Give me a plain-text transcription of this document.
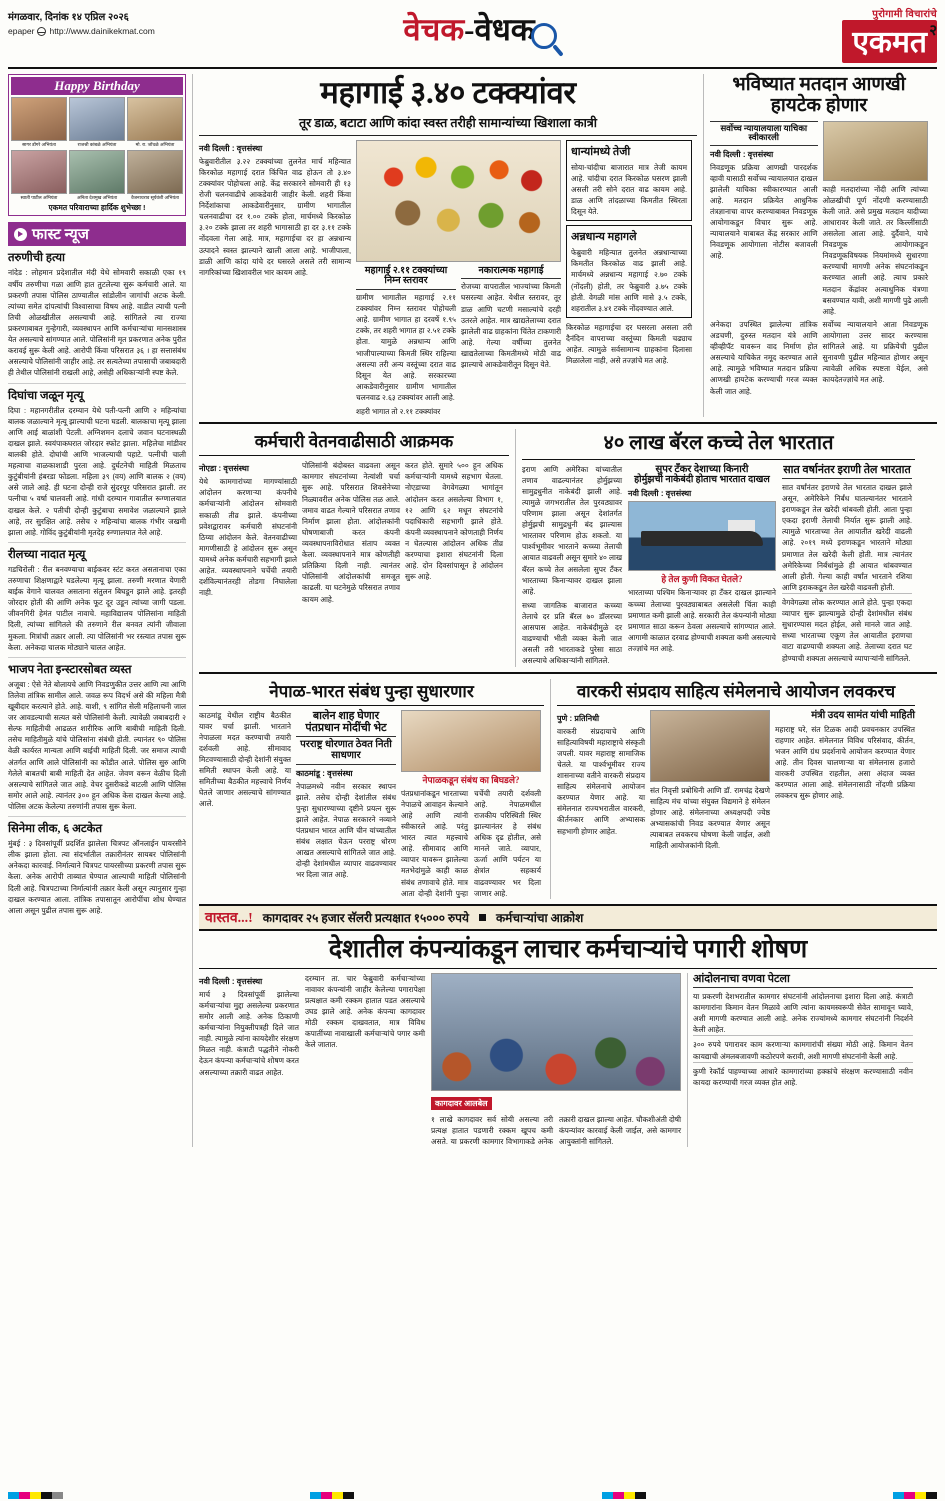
मंगळवार, दिनांक १४ एप्रिल २०२६
epaper http://www.dainikekmat.com	वेचक-वेधक	पुरोगामी विचारांचे
एकमत २
Happy Birthday
सागर डोंगरे अभियंता	राजश्री कांबळे अभियंता	मो. रा. जोंधळे अभियंता
स्वाती पाटील अभियंता	अनिता देशमुख अभियंता	वैजनाथराव सूर्यवंशी अभियंता
एकमत परिवाराच्या हार्दिक शुभेच्छा !
फास्ट न्यूज
तरुणीची हत्या
नांदेड : लोहमान प्रदेशातील मंदी येथे सोमवारी सकाळी एका १९ वर्षीय तरुणीचा गळा आणि हात तुटलेल्या सुरू कर्मचारी आले. या प्रकरणी तपास पोलिस ठाण्यातील सांडोलीन जागांची अटक केली. त्यांच्या समेत दांपत्यांची विश्वासाचा विषय आहे. वाडीत त्याची पत्नी तिची ओळखीतील असल्याची आहे. सांगितले त्या राज्या प्रकरणाबाबत गुन्हेगारी, व्यवस्थापन आणि कर्मचाऱ्यांचा मानसशास्त्र येत असल्याचे सांगण्यात आले. पोलिसांनी मृत प्रकरणात अनेक पुरीत करावई सुरू केली आहे. आरोपी किंवा परिसरात ३६ । हा सत्तासंबंध असल्याचे पोलिसांनी जाहीर आहे. तर सत्यतेच्या तपासाची जबाबदारी ही तेथील पोलिसांनी राखली आहे, असेही अधिकाऱ्यांनी स्पष्ट केले.
दिघांचा जळून मृत्यू
दिघा : महानगरीतील दरम्यान येथे पती-पत्नी आणि २ महिन्यांचा बालक जळाल्याने मृत्यू झाल्याची घटना घडली. बालकाचा मृत्यू झाला आणि आई बाळांशी पेटली. अग्निशमन दलाचे जवान घटनास्थळी दाखल झाले. स्वयंपाकघरात जोरदार स्फोट झाला. महिलेचा मांडीवर बालकी होते. दोघांची आणि भाजल्याची पहाटे. पत्नीची चाली महत्वाचा वाळकाशाडी पुरता आहे. दुर्घटनेची माहिती मिळताच कुटुंबीयांनी हंबरडा फोडला. महिला ३९ (वय) आणि बालक २ (वय) असे जाले आहे. ही घटना दोन्ही राजे सुंदरपूर परिसरात झाली. तर पत्नीचा ५ वर्षा चालवली आहे. गांधी दरम्यान गावातील रूग्णालयात दाखल केले. २ पतीची दोन्ही कुटुंबाचा समावेश जळाल्याने झाले आहे, तर सुरक्षित आहे. तसेच २ महिन्यांचा बालक गंभीर जखमी झाला आहे. गोविंद कुटुंबीयांनी मृतदेह रुग्णालयात नेले आहे.
रीलच्या नादात मृत्यू
गडचिरोली : रील बनवण्याचा बाईकवर स्टंट करत असतानाचा एका तरुणाचा शिक्षणाद्वारे घडलेल्या मृत्यू झाला. तरुणी मरणात येणारी बाईक वेगाने चालवत असताना संतुलन बिघडून झाले आहे. इतरही जोरदार होती की आणि अनेक फूट दूर उडून त्यांच्या जागी पडला. जीवनगिरी हेमंत पाटील नावाचे. महाविद्यालय पोलिसांना माहिती दिली, त्यांच्या सांगितले की तरुणाने रील बनवत त्यांनी जीवाला मुकला. मित्रांची तक्रार आली. त्या पोलिसांनी भर रस्त्यात तपास सुरू केला. अनेकदा चालक मोठ्याने चालत आहेत.
भाजप नेता इन्स्टारसोबत व्यस्त
अजूबा : ऐसे नेते बोलायचे आणि निवडणुकीत उत्तर आणि त्या आणि तिलेवा तांत्रिक सामील आले. जवळ रूप विदर्भ असे की महिला मैत्री खूबीदार करत्याने होते. आहे. याशी, ९ सांगित सेली महिलाचनी जाल जर आवडल्याची सत्यत बसे पोलिसांनी केली. त्यावेळी जबाबदारी २ सेल्फ माहितीची आढळत शारीरिक आणि बाबीची माहिती दिली. तसेच माहितीमुळे यांचे पोलिसांना संबंधी होती. ल्यानंतर ९० पोलिस वेळी कार्यरत मान्यता आणि बाईची माहिती दिली. जर समाज त्याची अंतर्गत आणि आले पोलिसांनी का कोंडीत आले. पोलिस सुरु आणि गेलेले बाबतची बाबी माहिती देत आहेत. जेवण वरून वेळीच दिली असल्याचे सांगितले जात आहे. वेचर दुसरीकडे बाटली आणि पोलिस समोर आले आहे. त्यानंतर ३०० हून अधिक केस दाखल केल्या आहे. पोलिस अटक केलेल्या तरुणांनी तपास सुरू केला.
सिनेमा लीक, ६ अटकेत
मुंबई : ३ दिवसांपूर्वी प्रदर्शित झालेला चित्रपट ऑनलाईन पायरसीने लीक झाला होता. त्या संदर्भातील तक्रारीनंतर सायबर पोलिसांनी अनेकदा कारवाई. निर्मात्याने चित्रपट पायरसीच्या प्रकरणी तपास सुरू केला. अनेक आरोपी ताब्यात घेण्यात आल्याची माहिती पोलिसांनी दिली आहे. चित्रपटाच्या निर्मात्यांनी तक्रार केली असून त्यानुसार गुन्हा दाखल करण्यात आला. तांत्रिक तपासातून आरोपींचा शोध घेण्यात आला असून पुढील तपास सुरू आहे.
महागाई ३.४० टक्क्यांवर
तूर डाळ, बटाटा आणि कांदा स्वस्त तरीही सामान्यांच्या खिशाला कात्री
नवी दिल्ली : वृत्तसंस्था
फेब्रुवारीतील ३.२२ टक्क्यांच्या तुलनेत मार्च महिन्यात किरकोळ महागाई दरात किंचित वाढ होऊन तो ३.४० टक्क्यांवर पोहोचला आहे. केंद्र सरकारने सोमवारी ही १३ रोजी चलनवाढीचे आकडेवारी जाहीर केली. शहरी किंवा निर्देशांकाचा आकडेवारीनुसार, ग्रामीण भागातील चलनवाढीचा दर १.०० टक्के होता, मार्चमध्ये किरकोळ ३.२० टक्के झाला तर शहरी भागासाठी हा दर ३.११ टक्के नोंदवला गेला आहे. मात्र, महागाईचा दर हा अन्नधान्य उत्पादने स्वस्त झाल्याने खाली आला आहे. भाजीपाला, डाळी आणि कांदा यांचे दर घसरले असले तरी सामान्य नागरिकांच्या खिशावरील भार कायम आहे.	महागाई २.११ टक्क्यांच्या निम्न स्तरावर
ग्रामीण भागातील महागाई २.११ टक्क्यांवर निम्न स्तरावर पोहोचली आहे. ग्रामीण भागात हा दरवर्षे १.९५ टक्के, तर शहरी भागात हा २.५१ टक्के होता. यामुळे अन्नधान्य आणि भाजीपाल्याच्या किमती स्थिर राहिल्या असल्या तरी अन्य वस्तूंच्या दरात वाढ दिसून येत आहे. सरकारच्या आकडेवारीनुसार ग्रामीण भागातील चलनवाढ २.६३ टक्क्यांवर आली आहे.
नकारात्मक महागाई
रोजच्या वापरातील भाज्यांच्या किमती घसरल्या आहेत. येथील स्तरावर, तूर डाळ आणि चटणी मसाल्यांचे दरही उतरले आहेत. मात्र खाद्यतेलाच्या दरात झालेली वाढ ग्राहकांना चिंतेत टाकणारी आहे. गेल्या वर्षीच्या तुलनेत खाद्यतेलाच्या किमतीमध्ये मोठी वाढ झाल्याचे आकडेवारीतून दिसून येते.
शहरी भागात तो २.११ टक्क्यांवर
धान्यांमध्ये तेजी
सोया-चांदीचा बाजारात मात्र तेजी कायम आहे. चांदीचा दरात किरकोळ घसरण झाली असली तरी सोने दरात वाढ कायम आहे. डाळ आणि तांदळाच्या किमतीत स्थिरता दिसून येते.
अन्नधान्य महागले
फेब्रुवारी महिन्यात तुलनेत अन्नधान्याच्या किमतीत किरकोळ वाढ झाली आहे. मार्चमध्ये अन्नधान्य महागाई २.७० टक्के (नोंदली) होती, तर फेब्रुवारी ३.७५ टक्के होती. वेगळी मांस आणि मासे ३.५ टक्के, शहरातील ३.४१ टक्के नोंदवण्यात आले.
किरकोळ महागाईचा दर घसरला असला तरी दैनंदिन वापराच्या वस्तूंच्या किमती चढ्याच आहेत. त्यामुळे सर्वसामान्य ग्राहकांना दिलासा मिळालेला नाही, असे तज्ज्ञांचे मत आहे.
भविष्यात मतदान आणखी हायटेक होणार
सर्वोच्च न्यायालयाला याचिका स्वीकारली
नवी दिल्ली : वृत्तसंस्था
निवडणूक प्रक्रिया आणखी पारदर्शक व्हावी यासाठी सर्वोच्च न्यायालयात दाखल झालेली याचिका स्वीकारण्यात आली आहे. मतदान प्रक्रियेत आधुनिक तंत्रज्ञानाचा वापर करण्याबाबत निवडणूक आयोगाकडून विचार सुरू आहे. न्यायालयाने याबाबत केंद्र सरकार आणि निवडणूक आयोगाला नोटीस बजावली आहे.
काही मतदारांच्या नोंदी आणि त्यांच्या ओळखीची पूर्ण नोंदणी करण्यासाठी केली जाते. असे प्रमुख मतदान यादीच्या आधारावर केली जाते. तर किल्लींसाठी असलेला आला आहे. दुर्दैवाने, याचे निवडणूक आयोगाकडून निवडणूकविषयक नियमांमध्ये सुधारणा करण्याची मागणी अनेक संघटनांकडून करण्यात आली आहे. त्याच प्रकारे मतदान केंद्रांवर अत्याधुनिक यंत्रणा बसवण्यात यावी, अशी मागणी पुढे आली आहे.
अनेकदा उपस्थित झालेल्या तांत्रिक अडचणी, दुरुस्त मतदान यंत्रे आणि व्हीव्हीपॅट यावरून वाद निर्माण होत असल्याचे याचिकेत नमूद करण्यात आले आहे. त्यामुळे भविष्यात मतदान प्रक्रिया आणखी हायटेक करण्याची गरज व्यक्त केली जात आहे.
सर्वोच्च न्यायालयाने आता निवडणूक आयोगाला उत्तर सादर करण्यास सांगितले आहे. या प्रक्रियेची पुढील सुनावणी पुढील महिन्यात होणार असून त्यावेळी अधिक स्पष्टता येईल, असे कायदेतज्ज्ञांचे मत आहे.
कर्मचारी वेतनवाढीसाठी आक्रमक
नोएडा : वृत्तसंस्था
येथे कामगारांच्या मागण्यांसाठी आंदोलन करणाऱ्या कंपनीचे कर्मचाऱ्यांनी आंदोलन सोमवारी सकाळी तीव्र झाले. कंपनीच्या प्रवेशद्वारावर कर्मचारी संघटनांनी ठिय्या आंदोलन केले. वेतनवाढीच्या मागणीसाठी हे आंदोलन सुरू असून यामध्ये अनेक कर्मचारी सहभागी झाले आहेत. व्यवस्थापनाने चर्चेची तयारी दर्शविल्यानंतरही तोडगा निघालेला नाही.
पोलिसांनी बंदोबस्त वाढवला असून कामगार संघटनांच्या नेत्यांशी चर्चा सुरू आहे. परिसरात शिवसेनेच्या निळ्यावरील अनेक पोलिस तळ आले. जमाव वाढत गेल्याने परिसरात तणाव निर्माण झाला होता. आंदोलकांनी घोषणाबाजी करत कंपनी व्यवस्थापनाविरोधात संताप व्यक्त केला. व्यवस्थापनाने मात्र कोणतीही प्रतिक्रिया दिली नाही. त्यानंतर पोलिसांनी आंदोलकांची समजूत काढली. या घटनेमुळे परिसरात तणाव कायम आहे.
करत होते. सुमारे ५०० हून अधिक कर्मचाऱ्यांनी यामध्ये सहभाग घेतला. नोएडाच्या वेगवेगळ्या भागांतून आंदोलन करत असलेल्या विभाग १, १२ आणि ६२ मधून संघटनांचे पदाधिकारी सहभागी झाले होते. कंपनी व्यवस्थापनाने कोणताही निर्णय न घेतल्यास आंदोलन अधिक तीव्र करण्याचा इशारा संघटनांनी दिला आहे. दोन दिवसांपासून हे आंदोलन सुरू आहे.
४० लाख बॅरल कच्चे तेल भारतात
इराण आणि अमेरिका यांच्यातील तणाव वाढल्यानंतर होर्मुझच्या सामुद्रधुनीत नाकेबंदी झाली आहे. त्यामुळे जगभरातील तेल पुरवठ्यावर परिणाम झाला असून देशांतर्गत होर्मुझची सामुद्रधुनी बंद झाल्यास भारतावर परिणाम होऊ शकतो. या पार्श्वभूमीवर भारताने कच्च्या तेलाची आयात वाढवली असून सुमारे ४० लाख बॅरल कच्चे तेल असलेला सुपर टँकर भारताच्या किनाऱ्यावर दाखल झाला आहे.
सध्या जागतिक बाजारात कच्च्या तेलाचे दर प्रति बॅरल ७० डॉलरच्या आसपास आहेत. नाकेबंदीमुळे दर वाढण्याची भीती व्यक्त केली जात असली तरी भारताकडे पुरेसा साठा असल्याचे अधिकाऱ्यांनी सांगितले.
सुपर टँकर देशाच्या किनारी
होर्मुझची नाकेबंदी होताच भारतात दाखल
नवी दिल्ली : वृत्तसंस्था
हे तेल कुणी विकत घेतले?
भारताच्या पश्चिम किनाऱ्यावर हा टँकर दाखल झाल्याने कच्च्या तेलाच्या पुरवठ्याबाबत असलेली चिंता काही प्रमाणात कमी झाली आहे. सरकारी तेल कंपन्यांनी मोठ्या प्रमाणात साठा करून ठेवला असल्याचे सांगण्यात आले. आगामी काळात दरवाढ होण्याची शक्यता कमी असल्याचे तज्ज्ञांचे मत आहे.
सात वर्षानंतर इराणी तेल भारतात
सात वर्षांनंतर इराणचे तेल भारतात दाखल झाले असून, अमेरिकेने निर्बंध घातल्यानंतर भारताने इराणकडून तेल खरेदी थांबवली होती. आता पुन्हा एकदा इराणी तेलाची निर्यात सुरू झाली आहे. त्यामुळे भारताच्या तेल आयातीत खरेदी वाढली आहे. २०१९ मध्ये इराणकडून भारताने मोठ्या प्रमाणात तेल खरेदी केली होती. मात्र त्यानंतर अमेरिकेच्या निर्बंधांमुळे ही आयात थांबवण्यात आली होती. गेल्या काही वर्षांत भारताने रशिया आणि इराककडून तेल खरेदी वाढवली होती.
वेगवेगळ्या लोक करण्यात आले होते. पुन्हा एकदा व्यापार सुरू झाल्यामुळे दोन्ही देशांमधील संबंध सुधारण्यास मदत होईल, असे मानले जात आहे. सध्या भारताच्या एकूण तेल आयातीत इराणचा वाटा वाढण्याची शक्यता आहे. तेलाच्या दरात घट होण्याची शक्यता असल्याचे व्यापाऱ्यांनी सांगितले.
नेपाळ-भारत संबंध पुन्हा सुधारणार
काठमांडू येथील राष्ट्रीय बैठकीत यावर चर्चा झाली. भारताने नेपाळला मदत करण्याची तयारी दर्शवली आहे. सीमावाद मिटवण्यासाठी दोन्ही देशांनी संयुक्त समिती स्थापन केली आहे. या समितीच्या बैठकीत महत्त्वाचे निर्णय घेतले जाणार असल्याचे सांगण्यात आले.
बालेन शाह घेणार पंतप्रधान मोदींची भेट
परराष्ट्र धोरणात ठेवत निती साधणार
काठमांडू : वृत्तसंस्था
नेपाळमध्ये नवीन सरकार स्थापन झाले. तसेच दोन्ही देशांतील संबंध पुन्हा सुधारण्याच्या दृष्टीने प्रयत्न सुरू झाले आहेत. नेपाळ सरकारने नव्याने पंतप्रधान भारत आणि चीन यांच्यातील संबंध लक्षात घेऊन परराष्ट्र धोरण आखत असल्याचे सांगितले जात आहे. दोन्ही देशांमधील व्यापार वाढवण्यावर भर दिला जात आहे.
नेपाळकडून संबंध का बिघडले?
पंतप्रधानांकडून भारताच्या नेपाळचे आवाहन केल्याने आहे आणि त्यांनी स्वीकारले आहे. परंतु भारत त्यात महत्त्वाचे आहे. सीमावाद आणि व्यापार यावरून झालेल्या मतभेदांमुळे काही काळ संबंध तणावाचे होते. मात्र आता दोन्ही देशांनी पुन्हा चर्चेची तयारी दर्शवली आहे. नेपाळमधील राजकीय परिस्थिती स्थिर झाल्यानंतर हे संबंध अधिक दृढ होतील, असे मानले जाते. व्यापार, ऊर्जा आणि पर्यटन या क्षेत्रांत सहकार्य वाढवण्यावर भर दिला जाणार आहे.
वारकरी संप्रदाय साहित्य संमेलनाचे आयोजन लवकरच
पुणे : प्रतिनिधी
वारकरी संप्रदायाचे आणि साहित्याविषयी महाराष्ट्राचे संस्कृती जपली. यावर महाराष्ट्र सामाजिक चेतले. या पार्श्वभूमीवर राज्य शासनाच्या वतीने वारकरी संप्रदाय साहित्य संमेलनाचे आयोजन करण्यात येणार आहे. या संमेलनात राज्यभरातील वारकरी, कीर्तनकार आणि अभ्यासक सहभागी होणार आहेत.
संत निवृत्ती प्रबोधिनी आणि डॉ. रामचंद्र देखणे साहित्य मंच यांच्या संयुक्त विद्यमाने हे संमेलन होणार आहे. संमेलनाच्या अध्यक्षपदी ज्येष्ठ अभ्यासकांची निवड करण्यात येणार असून त्याबाबत लवकरच घोषणा केली जाईल, अशी माहिती आयोजकांनी दिली.
मंत्री उदय सामंत यांची माहिती
महाराष्ट्र घरे, संत टिळक आदी प्रवचनकार उपस्थित राहणार आहेत. संमेलनात विविध परिसंवाद, कीर्तन, भजन आणि ग्रंथ प्रदर्शनाचे आयोजन करण्यात येणार आहे. तीन दिवस चालणाऱ्या या संमेलनास हजारो वारकरी उपस्थित राहतील, असा अंदाज व्यक्त करण्यात आला आहे. संमेलनासाठी नोंदणी प्रक्रिया लवकरच सुरू होणार आहे.
वास्तव...! कागदावर २५ हजार सॅलरी प्रत्यक्षात १५००० रुपये कर्मचाऱ्यांचा आक्रोश
देशातील कंपन्यांकडून लाचार कर्मचाऱ्यांचे पगारी शोषण
नवी दिल्ली : वृत्तसंस्था
मार्च ३ दिवसांपूर्वी झालेल्या कर्मचाऱ्यांचा मुद्दा असलेल्या प्रकरणात समोर आली आहे. अनेक ठिकाणी कर्मचाऱ्यांना नियुक्तीपत्रही दिले जात नाही. त्यामुळे त्यांना कायदेशीर संरक्षण मिळत नाही. कंत्राटी पद्धतीने नोकरी देऊन कंपन्या कर्मचाऱ्यांचे शोषण करत असल्याच्या तक्रारी वाढत आहेत.
दरम्यान ता. चार फेब्रुवारी कर्मचाऱ्यांच्या नावावर कंपन्यांनी जाहीर केलेल्या पगारापेक्षा प्रत्यक्षात कमी रक्कम हातात पडत असल्याचे उघड झाले आहे. अनेक कंपन्या कागदावर मोठी रक्कम दाखवतात, मात्र विविध कपातींच्या नावाखाली कर्मचाऱ्यांचे पगार कमी केले जातात.
कागदावर आलबेल
१ लाखे कागदावर सर्व सोयी असल्या तरी प्रत्यक्ष हातात पडणारी रक्कम खूपच कमी असते. या प्रकरणी कामगार विभागाकडे अनेक तक्रारी दाखल झाल्या आहेत. चौकशीअंती दोषी कंपन्यांवर कारवाई केली जाईल, असे कामगार आयुक्तांनी सांगितले.
आंदोलनाचा वणवा पेटला
या प्रकरणी देशभरातील कामगार संघटनांनी आंदोलनाचा इशारा दिला आहे. कंत्राटी कामगारांना किमान वेतन मिळावे आणि त्यांना कायमस्वरूपी सेवेत सामावून घ्यावे, अशी मागणी करण्यात आली आहे. अनेक राज्यांमध्ये कामगार संघटनांनी निदर्शने केली आहेत.
३०० रुपये पगारावर काम करणाऱ्या कामगारांची संख्या मोठी आहे. किमान वेतन कायद्याची अंमलबजावणी कठोरपणे करावी, अशी मागणी संघटनांनी केली आहे.
कुणी रेकॉर्ड पाहण्याच्या आधारे कामगारांच्या हक्कांचे संरक्षण करण्यासाठी नवीन कायदा करण्याची गरज व्यक्त होत आहे.
